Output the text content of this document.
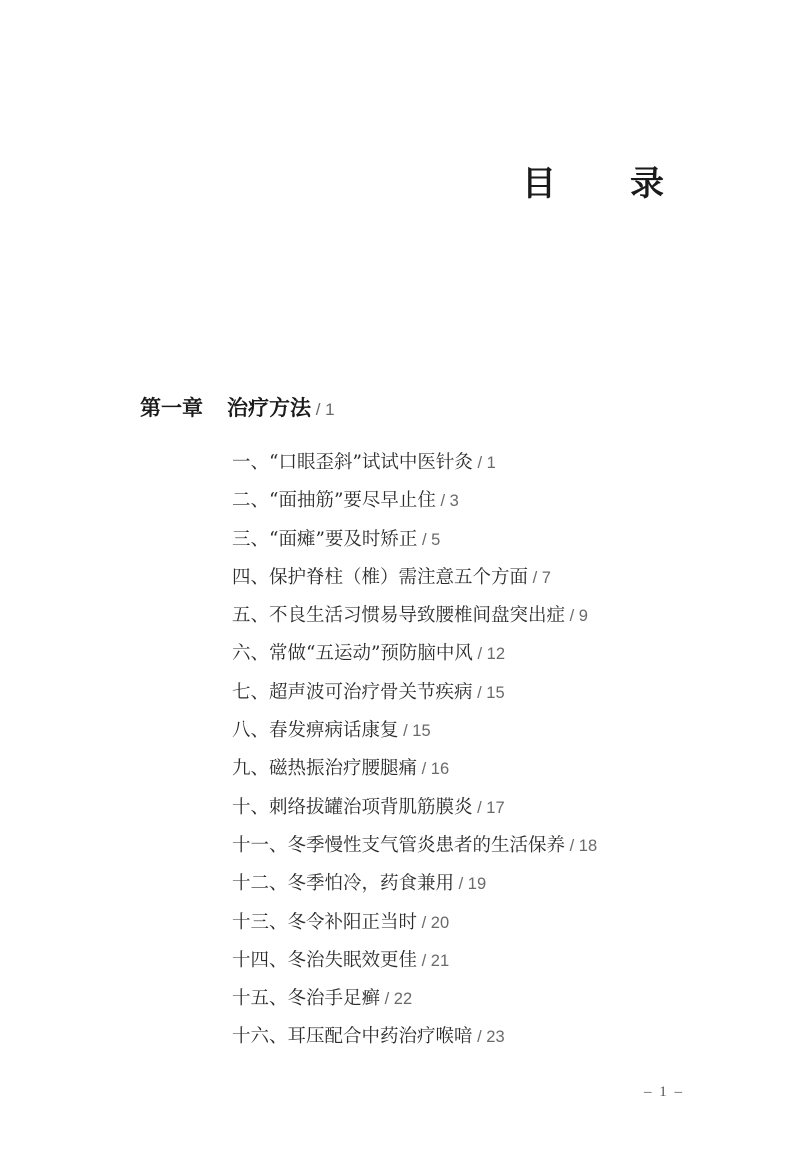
目　录
第一章 治疗方法 / 1
一、“口眼歪斜”试试中医针灸 / 1
二、“面抽筋”要尽早止住 / 3
三、“面瘫”要及时矫正 / 5
四、保护脊柱（椎）需注意五个方面 / 7
五、不良生活习惯易导致腰椎间盘突出症 / 9
六、常做“五运动”预防脑中风 / 12
七、超声波可治疗骨关节疾病 / 15
八、春发痹病话康复 / 15
九、磁热振治疗腰腿痛 / 16
十、刺络拔罐治项背肌筋膜炎 / 17
十一、冬季慢性支气管炎患者的生活保养 / 18
十二、冬季怕冷，药食兼用 / 19
十三、冬令补阳正当时 / 20
十四、冬治失眠效更佳 / 21
十五、冬治手足癣 / 22
十六、耳压配合中药治疗喉喑 / 23
– 1 –
